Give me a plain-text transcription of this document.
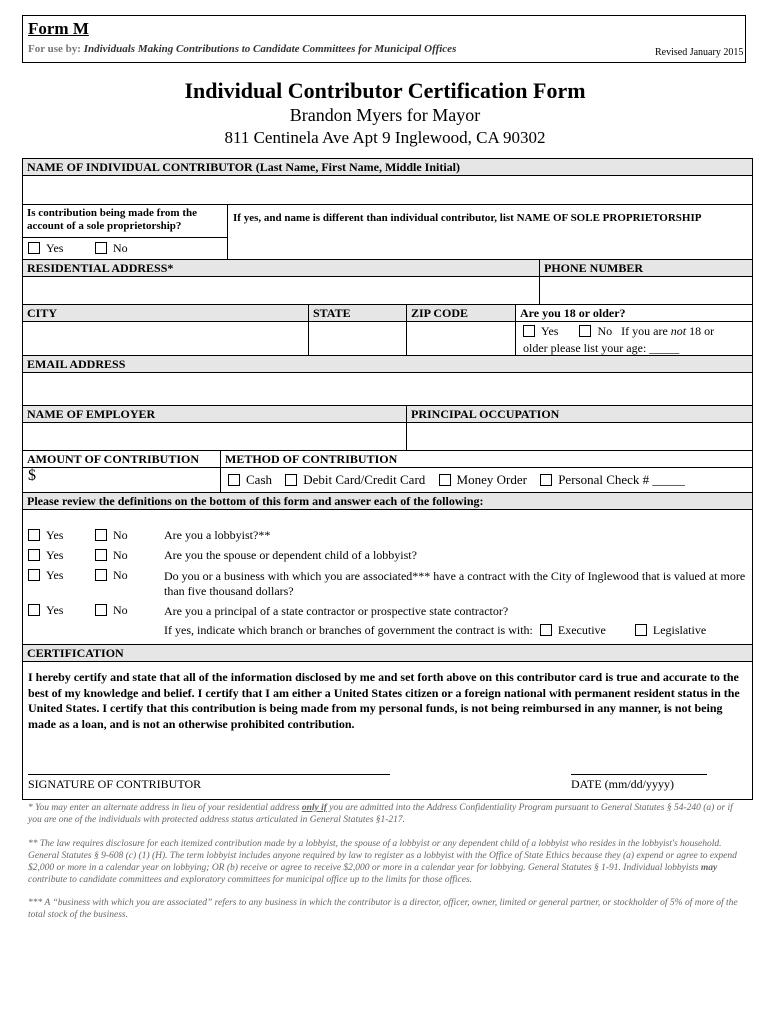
Form M
For use by: Individuals Making Contributions to Candidate Committees for Municipal Offices	Revised January 2015
Individual Contributor Certification Form
Brandon Myers for Mayor
811 Centinela Ave Apt 9 Inglewood, CA 90302
NAME OF INDIVIDUAL CONTRIBUTOR (Last Name, First Name, Middle Initial)
Is contribution being made from the account of a sole proprietorship?
If yes, and name is different than individual contributor, list NAME OF SOLE PROPRIETORSHIP
Yes	No
RESIDENTIAL ADDRESS*	PHONE NUMBER
CITY	STATE	ZIP CODE	Are you 18 or older?
Yes	No If you are not 18 or
older please list your age: _____
EMAIL ADDRESS
NAME OF EMPLOYER	PRINCIPAL OCCUPATION
AMOUNT OF CONTRIBUTION	METHOD OF CONTRIBUTION
$	Cash Debit Card/Credit Card Money Order Personal Check # _____
Please review the definitions on the bottom of this form and answer each of the following:
Yes	No	Are you a lobbyist?**
Yes	No	Are you the spouse or dependent child of a lobbyist?
Yes	No	Do you or a business with which you are associated*** have a contract with the City of Inglewood that is valued at more than five thousand dollars?
Yes	No	Are you a principal of a state contractor or prospective state contractor?
If yes, indicate which branch or branches of government the contract is with: Executive	Legislative
CERTIFICATION
I hereby certify and state that all of the information disclosed by me and set forth above on this contributor card is true and accurate to the best of my knowledge and belief. I certify that I am either a United States citizen or a foreign national with permanent resident status in the United States. I certify that this contribution is being made from my personal funds, is not being reimbursed in any manner, is not being made as a loan, and is not an otherwise prohibited contribution.
SIGNATURE OF CONTRIBUTOR	DATE (mm/dd/yyyy)
* You may enter an alternate address in lieu of your residential address only if you are admitted into the Address Confidentiality Program pursuant to General Statutes § 54-240 (a) or if you are one of the individuals with protected address status articulated in General Statutes §1-217.
** The law requires disclosure for each itemized contribution made by a lobbyist, the spouse of a lobbyist or any dependent child of a lobbyist who resides in the lobbyist's household. General Statutes § 9-608 (c) (1) (H). The term lobbyist includes anyone required by law to register as a lobbyist with the Office of State Ethics because they (a) expend or agree to expend $2,000 or more in a calendar year on lobbying; OR (b) receive or agree to receive $2,000 or more in a calendar year for lobbying. General Statutes § 1-91. Individual lobbyists may contribute to candidate committees and exploratory committees for municipal office up to the limits for those offices.
*** A “business with which you are associated” refers to any business in which the contributor is a director, officer, owner, limited or general partner, or stockholder of 5% of more of the total stock of the business.
